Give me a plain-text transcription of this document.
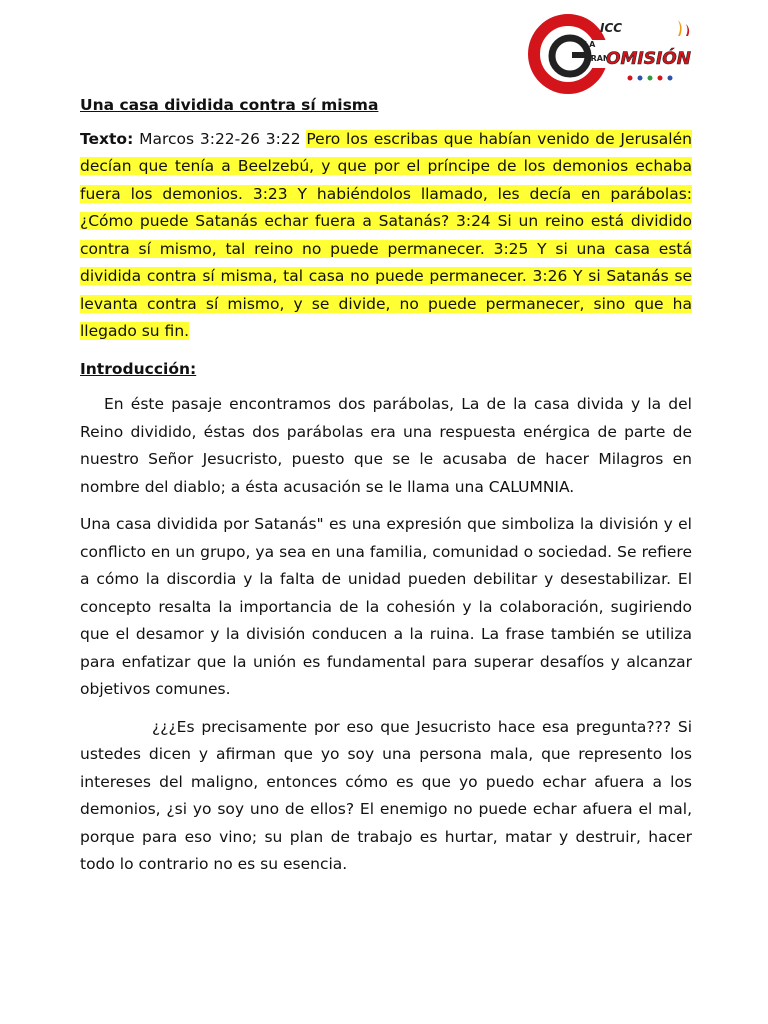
ICC
LA
GRAN
OMISIÓN
Una casa dividida contra sí misma

Texto: Marcos 3:22-26 3:22 Pero los escribas que habían venido de Jerusalén decían que tenía a Beelzebú, y que por el príncipe de los demonios echaba fuera los demonios. 3:23 Y habiéndolos llamado, les decía en parábolas: ¿Cómo puede Satanás echar fuera a Satanás? 3:24 Si un reino está dividido contra sí mismo, tal reino no puede permanecer. 3:25 Y si una casa está dividida contra sí misma, tal casa no puede permanecer. 3:26 Y si Satanás se levanta contra sí mismo, y se divide, no puede permanecer, sino que ha llegado su fin.

Introducción:

En éste pasaje encontramos dos parábolas, La de la casa divida y la del Reino dividido, éstas dos parábolas era una respuesta enérgica de parte de nuestro Señor Jesucristo, puesto que se le acusaba de hacer Milagros en nombre del diablo; a ésta acusación se le llama una CALUMNIA.

Una casa dividida por Satanás" es una expresión que simboliza la división y el conflicto en un grupo, ya sea en una familia, comunidad o sociedad. Se refiere a cómo la discordia y la falta de unidad pueden debilitar y desestabilizar. El concepto resalta la importancia de la cohesión y la colaboración, sugiriendo que el desamor y la división conducen a la ruina. La frase también se utiliza para enfatizar que la unión es fundamental para superar desafíos y alcanzar objetivos comunes.

¿¿¿Es precisamente por eso que Jesucristo hace esa pregunta??? Si ustedes dicen y afirman que yo soy una persona mala, que represento los intereses del maligno, entonces cómo es que yo puedo echar afuera a los demonios, ¿si yo soy uno de ellos? El enemigo no puede echar afuera el mal, porque para eso vino; su plan de trabajo es hurtar, matar y destruir, hacer todo lo contrario no es su esencia.
